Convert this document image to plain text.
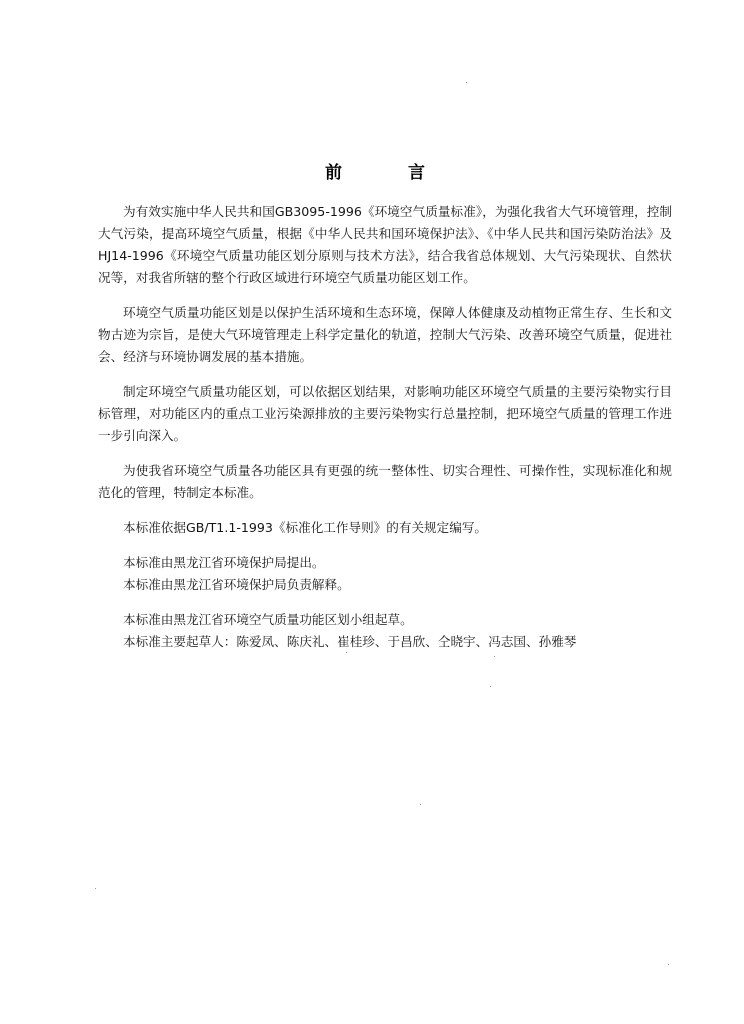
前 言

为有效实施中华人民共和国GB3095-1996《环境空气质量标准》，为强化我省大气环境管理，控制大气污染，提高环境空气质量，根据《中华人民共和国环境保护法》、《中华人民共和国污染防治法》及HJ14-1996《环境空气质量功能区划分原则与技术方法》，结合我省总体规划、大气污染现状、自然状况等，对我省所辖的整个行政区域进行环境空气质量功能区划工作。

环境空气质量功能区划是以保护生活环境和生态环境，保障人体健康及动植物正常生存、生长和文物古迹为宗旨，是使大气环境管理走上科学定量化的轨道，控制大气污染、改善环境空气质量，促进社会、经济与环境协调发展的基本措施。

制定环境空气质量功能区划，可以依据区划结果，对影响功能区环境空气质量的主要污染物实行目标管理，对功能区内的重点工业污染源排放的主要污染物实行总量控制，把环境空气质量的管理工作进一步引向深入。

为使我省环境空气质量各功能区具有更强的统一整体性、切实合理性、可操作性，实现标准化和规范化的管理，特制定本标准。

本标准依据GB/T1.1-1993《标准化工作导则》的有关规定编写。

本标准由黑龙江省环境保护局提出。

本标准由黑龙江省环境保护局负责解释。

本标准由黑龙江省环境空气质量功能区划小组起草。

本标准主要起草人：陈爱凤、陈庆礼、崔桂珍、于昌欣、仝晓宇、冯志国、孙雅琴
